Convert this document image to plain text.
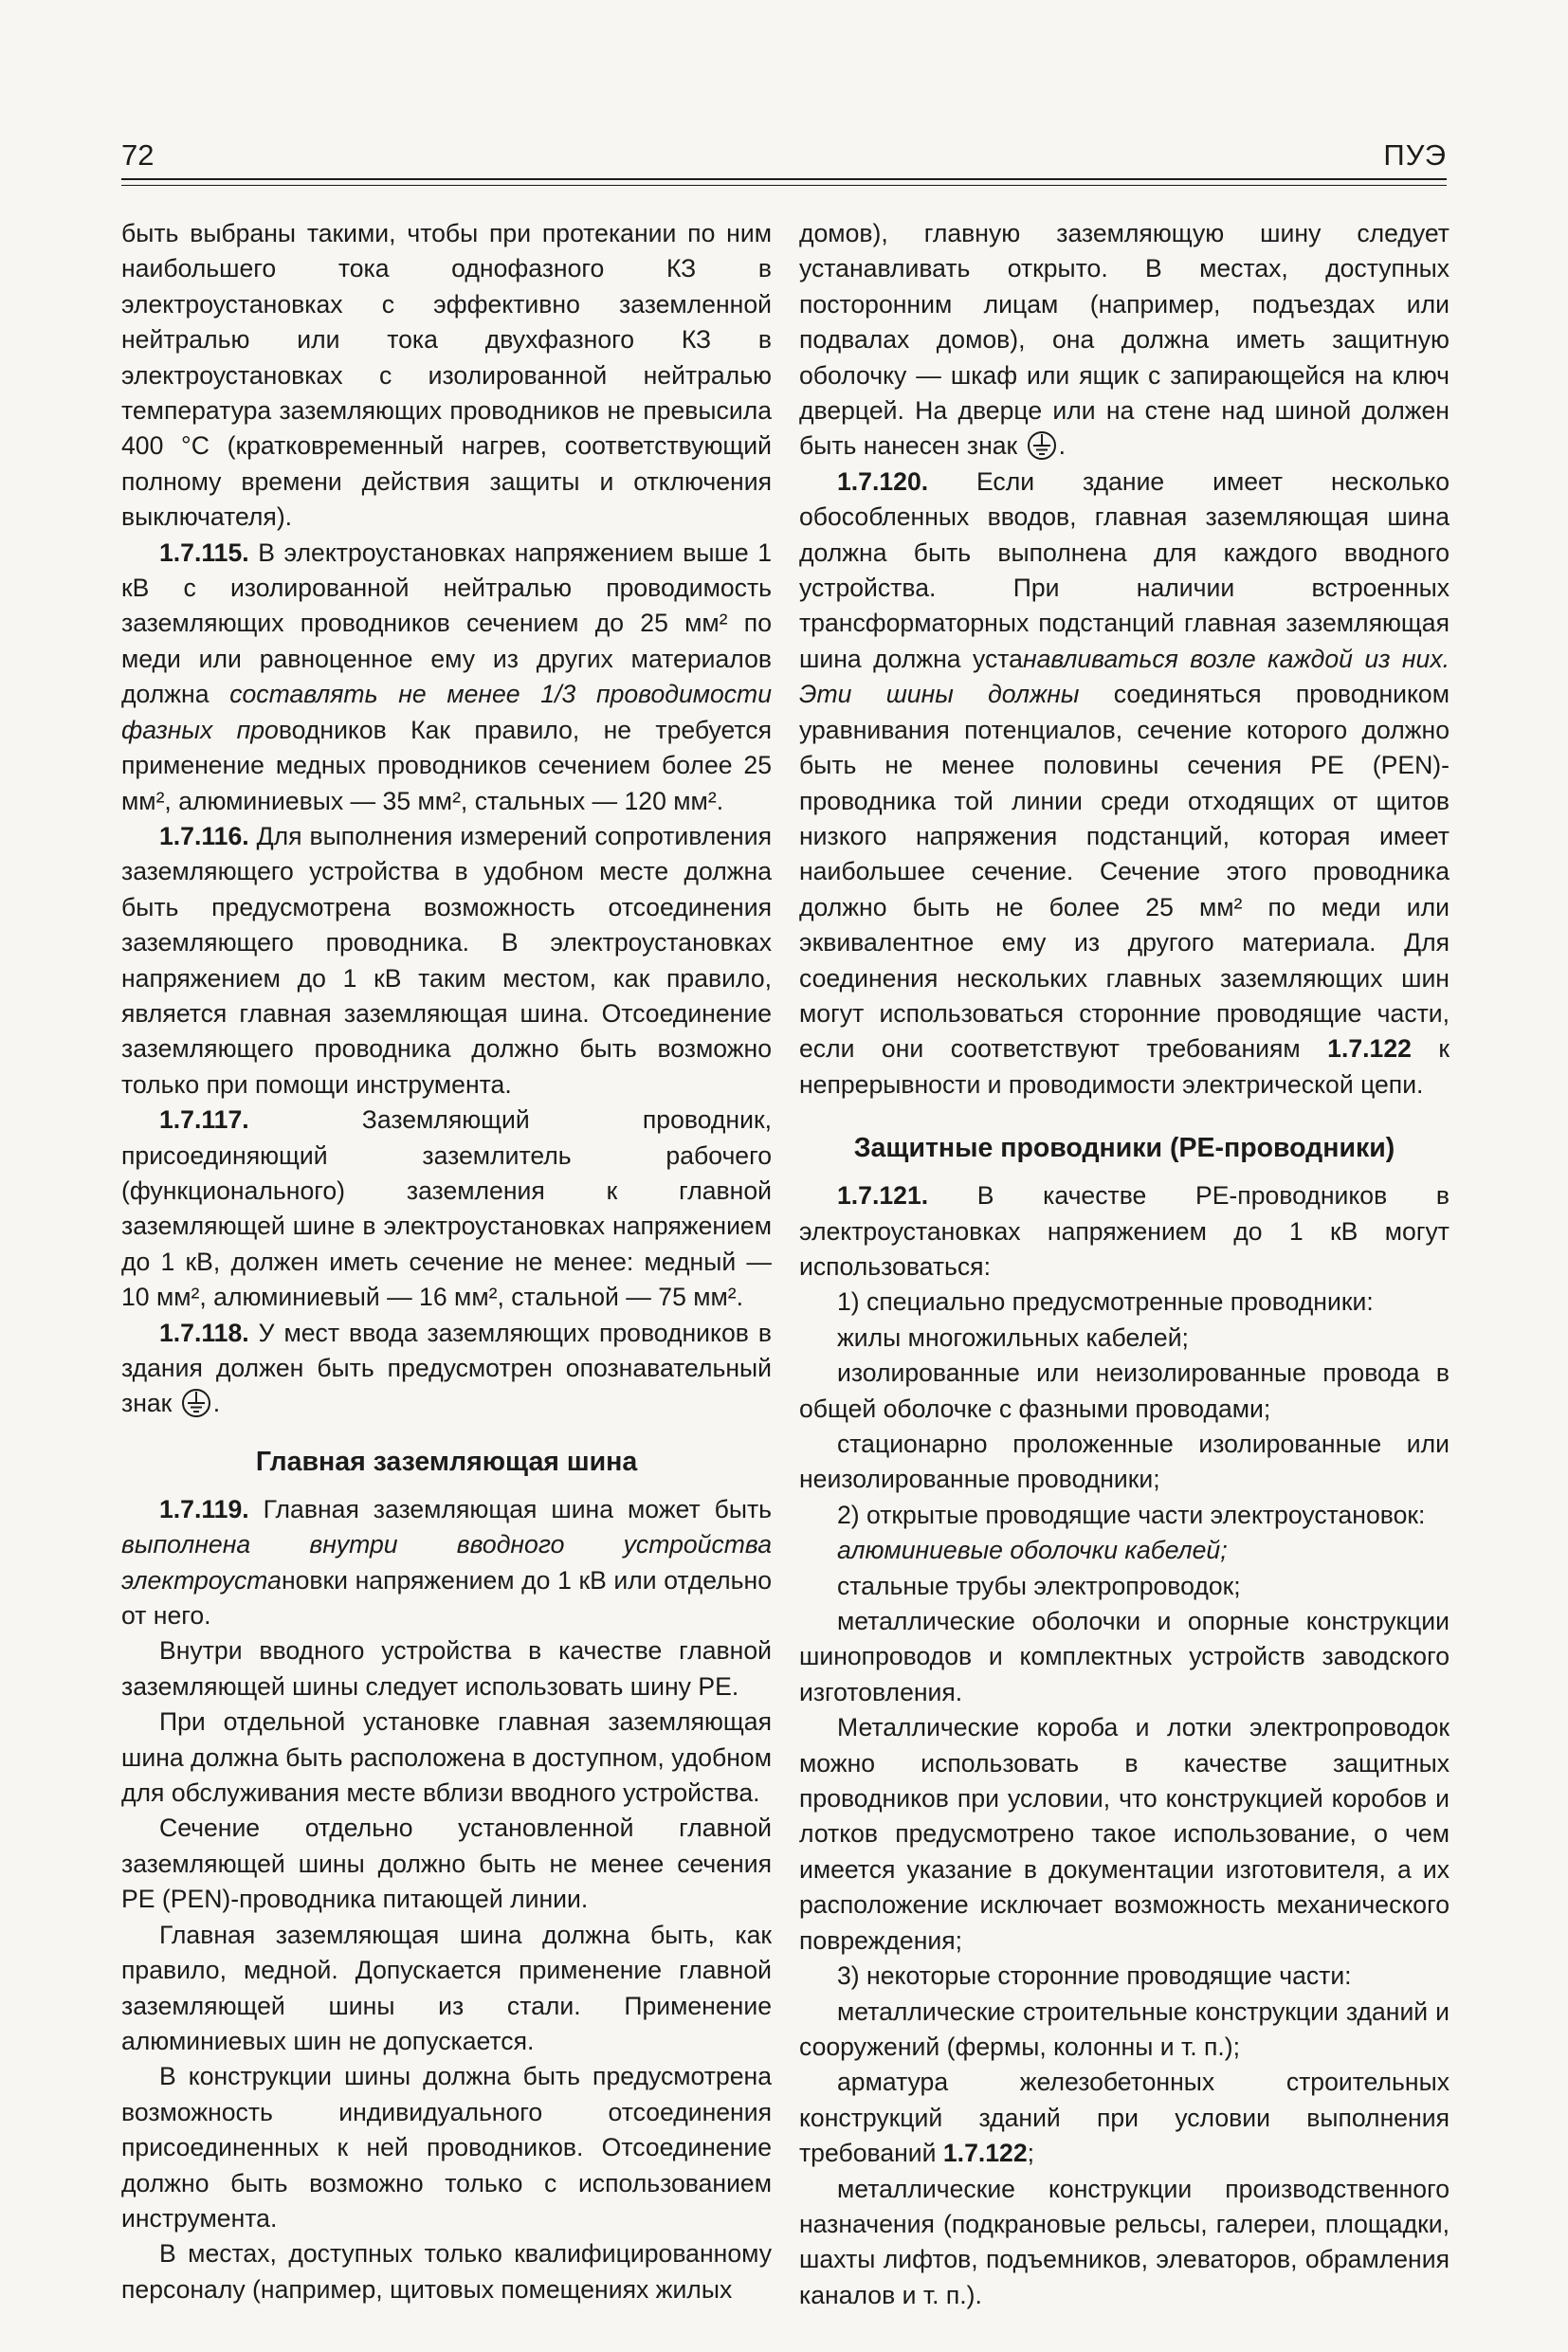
72	ПУЭ

быть выбраны такими, чтобы при протекании по ним наибольшего тока однофазного КЗ в электроустановках с эффективно заземленной нейтралью или тока двухфазного КЗ в электроустановках с изолированной нейтралью температура заземляющих проводников не превысила 400 °C (кратковременный нагрев, соответствующий полному времени действия защиты и отключения выключателя).

1.7.115. В электроустановках напряжением выше 1 кВ с изолированной нейтралью проводимость заземляющих проводников сечением до 25 мм² по меди или равноценное ему из других материалов должна составлять не менее 1/3 проводимости фазных проводников Как правило, не требуется применение медных проводников сечением более 25 мм², алюминиевых — 35 мм², стальных — 120 мм².

1.7.116. Для выполнения измерений сопротивления заземляющего устройства в удобном месте должна быть предусмотрена возможность отсоединения заземляющего проводника. В электроустановках напряжением до 1 кВ таким местом, как правило, является главная заземляющая шина. Отсоединение заземляющего проводника должно быть возможно только при помощи инструмента.

1.7.117. Заземляющий проводник, присоединяющий заземлитель рабочего (функционального) заземления к главной заземляющей шине в электроустановках напряжением до 1 кВ, должен иметь сечение не менее: медный — 10 мм², алюминиевый — 16 мм², стальной — 75 мм².

1.7.118. У мест ввода заземляющих проводников в здания должен быть предусмотрен опознавательный знак .

Главная заземляющая шина

1.7.119. Главная заземляющая шина может быть выполнена внутри вводного устройства электроустановки напряжением до 1 кВ или отдельно от него.

Внутри вводного устройства в качестве главной заземляющей шины следует использовать шину PE.

При отдельной установке главная заземляющая шина должна быть расположена в доступном, удобном для обслуживания месте вблизи вводного устройства.

Сечение отдельно установленной главной заземляющей шины должно быть не менее сечения PE (PEN)-проводника питающей линии.

Главная заземляющая шина должна быть, как правило, медной. Допускается применение главной заземляющей шины из стали. Применение алюминиевых шин не допускается.

В конструкции шины должна быть предусмотрена возможность индивидуального отсоединения присоединенных к ней проводников. Отсоединение должно быть возможно только с использованием инструмента.

В местах, доступных только квалифицированному персоналу (например, щитовых помещениях жилых

домов), главную заземляющую шину следует устанавливать открыто. В местах, доступных посторонним лицам (например, подъездах или подвалах домов), она должна иметь защитную оболочку — шкаф или ящик с запирающейся на ключ дверцей. На дверце или на стене над шиной должен быть нанесен знак .

1.7.120. Если здание имеет несколько обособленных вводов, главная заземляющая шина должна быть выполнена для каждого вводного устройства. При наличии встроенных трансформаторных подстанций главная заземляющая шина должна устанавливаться возле каждой из них. Эти шины должны соединяться проводником уравнивания потенциалов, сечение которого должно быть не менее половины сечения PE (PEN)-проводника той линии среди отходящих от щитов низкого напряжения подстанций, которая имеет наибольшее сечение. Сечение этого проводника должно быть не более 25 мм² по меди или эквивалентное ему из другого материала. Для соединения нескольких главных заземляющих шин могут использоваться сторонние проводящие части, если они соответствуют требованиям 1.7.122 к непрерывности и проводимости электрической цепи.

Защитные проводники (PE-проводники)

1.7.121. В качестве PE-проводников в электроустановках напряжением до 1 кВ могут использоваться:

1) специально предусмотренные проводники:

жилы многожильных кабелей;

изолированные или неизолированные провода в общей оболочке с фазными проводами;

стационарно проложенные изолированные или неизолированные проводники;

2) открытые проводящие части электроустановок:

алюминиевые оболочки кабелей;

стальные трубы электропроводок;

металлические оболочки и опорные конструкции шинопроводов и комплектных устройств заводского изготовления.

Металлические короба и лотки электропроводок можно использовать в качестве защитных проводников при условии, что конструкцией коробов и лотков предусмотрено такое использование, о чем имеется указание в документации изготовителя, а их расположение исключает возможность механического повреждения;

3) некоторые сторонние проводящие части:

металлические строительные конструкции зданий и сооружений (фермы, колонны и т. п.);

арматура железобетонных строительных конструкций зданий при условии выполнения требований 1.7.122;

металлические конструкции производственного назначения (подкрановые рельсы, галереи, площадки, шахты лифтов, подъемников, элеваторов, обрамления каналов и т. п.).
